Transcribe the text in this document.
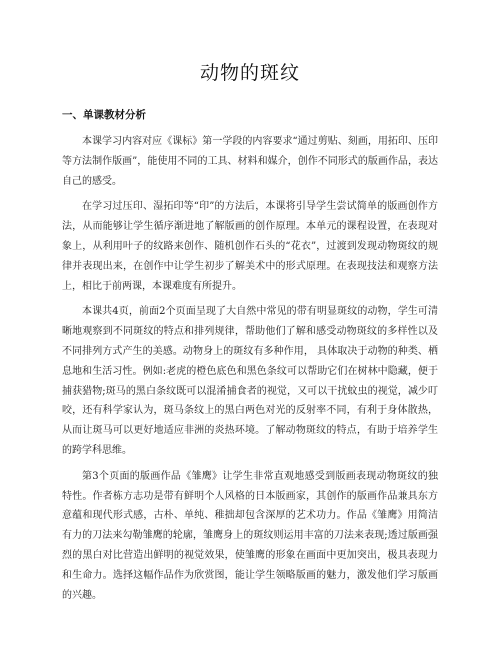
动物的斑纹
一、单课教材分析

本课学习内容对应《课标》第一学段的内容要求“通过剪贴、刻画，用拓印、压印等方法制作版画”，能使用不同的工具、材料和媒介，创作不同形式的版画作品，表达自己的感受。

在学习过压印、湿拓印等“印”的方法后，本课将引导学生尝试简单的版画创作方法，从而能够让学生循序渐进地了解版画的创作原理。本单元的课程设置，在表现对象上，从利用叶子的纹路来创作、随机创作石头的“花衣”，过渡到发现动物斑纹的规律并表现出来，在创作中让学生初步了解美术中的形式原理。在表现技法和观察方法上，相比于前两课，本课难度有所提升。

本课共4页，前面2个页面呈现了大自然中常见的带有明显斑纹的动物，学生可清晰地观察到不同斑纹的特点和排列规律，帮助他们了解和感受动物斑纹的多样性以及不同排列方式产生的美感。动物身上的斑纹有多种作用， 具体取决于动物的种类、栖息地和生活习性。例如:老虎的橙色底色和黑色条纹可以帮助它们在树林中隐藏，便于捕获猎物;斑马的黑白条纹既可以混淆捕食者的视觉，又可以干扰蚊虫的视觉，减少叮咬，还有科学家认为，斑马条纹上的黑白两色对光的反射率不同，有利于身体散热，从而让斑马可以更好地适应非洲的炎热环境。了解动物斑纹的特点，有助于培养学生的跨学科思维。

第3个页面的版画作品《雏鹰》让学生非常直观地感受到版画表现动物斑纹的独特性。作者栋方志功是带有鲜明个人风格的日本版画家，其创作的版画作品兼具东方意蕴和现代形式感，古朴、单纯、稚拙却包含深厚的艺术功力。作品《雏鹰》用简洁有力的刀法来勾勒雏鹰的轮廓，雏鹰身上的斑纹则运用丰富的刀法来表现;透过版画强烈的黑白对比营造出鲜明的视觉效果，使雏鹰的形象在画面中更加突出，极具表现力和生命力。选择这幅作品作为欣赏图，能让学生领略版画的魅力，激发他们学习版画的兴趣。
